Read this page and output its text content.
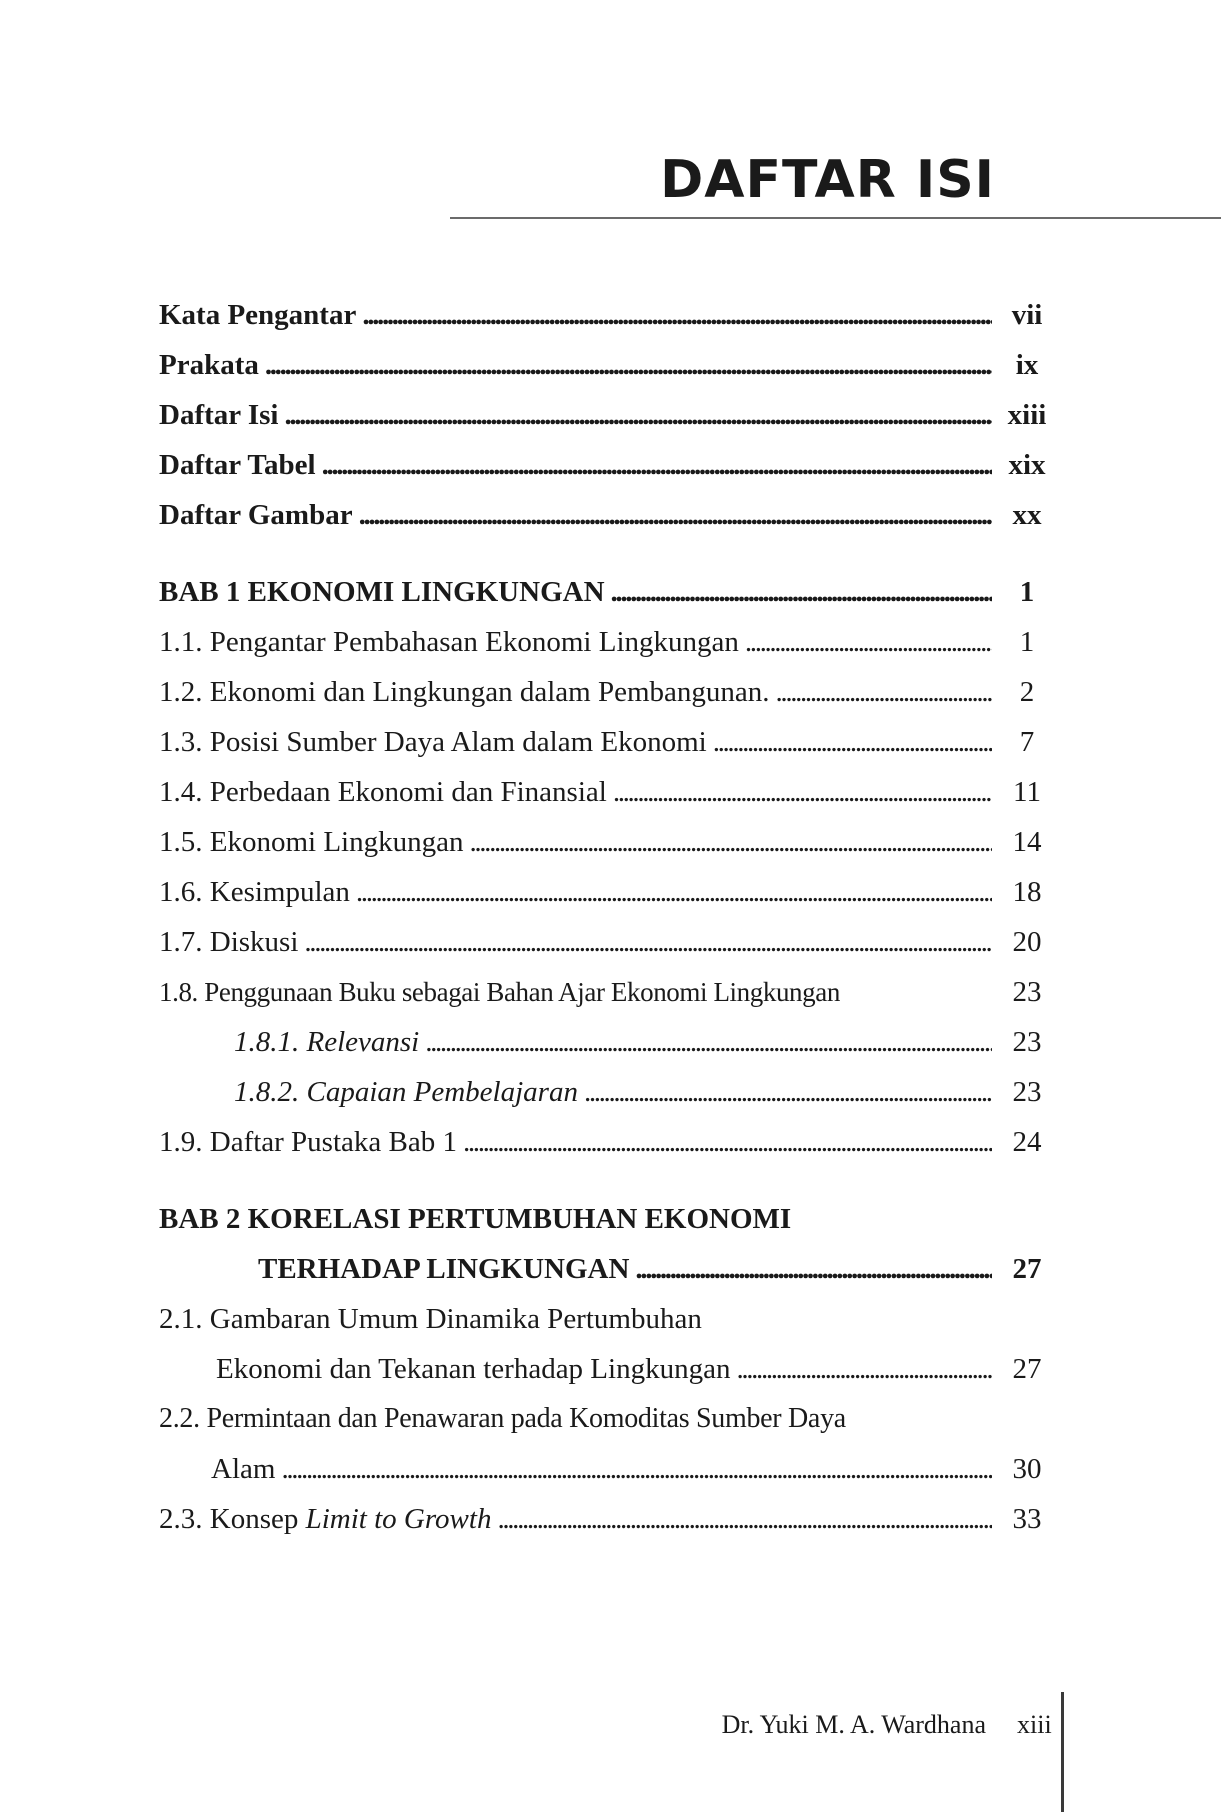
DAFTAR ISI
Kata Pengantar . . .	vii
Prakata . . .	ix
Daftar Isi . . .	xiii
Daftar Tabel . . .	xix
Daftar Gambar . . .	xx
BAB 1 EKONOMI LINGKUNGAN . . .	1
1.1. Pengantar Pembahasan Ekonomi Lingkungan . . .	1
1.2. Ekonomi dan Lingkungan dalam Pembangunan. . . .	2
1.3. Posisi Sumber Daya Alam dalam Ekonomi . . .	7
1.4. Perbedaan Ekonomi dan Finansial . . .	11
1.5. Ekonomi Lingkungan . . .	14
1.6. Kesimpulan . . .	18
1.7. Diskusi . . .	20
1.8. Penggunaan Buku sebagai Bahan Ajar Ekonomi Lingkungan	23
1.8.1. Relevansi . . .	23
1.8.2. Capaian Pembelajaran . . .	23
1.9. Daftar Pustaka Bab 1 . . .	24
BAB 2 KORELASI PERTUMBUHAN EKONOMI
TERHADAP LINGKUNGAN . . .	27
2.1. Gambaran Umum Dinamika Pertumbuhan
Ekonomi dan Tekanan terhadap Lingkungan . . .	27
2.2. Permintaan dan Penawaran pada Komoditas Sumber Daya
Alam . . .	30
2.3. Konsep Limit to Growth . . .	33
Dr. Yuki M. A. Wardhana xiii
